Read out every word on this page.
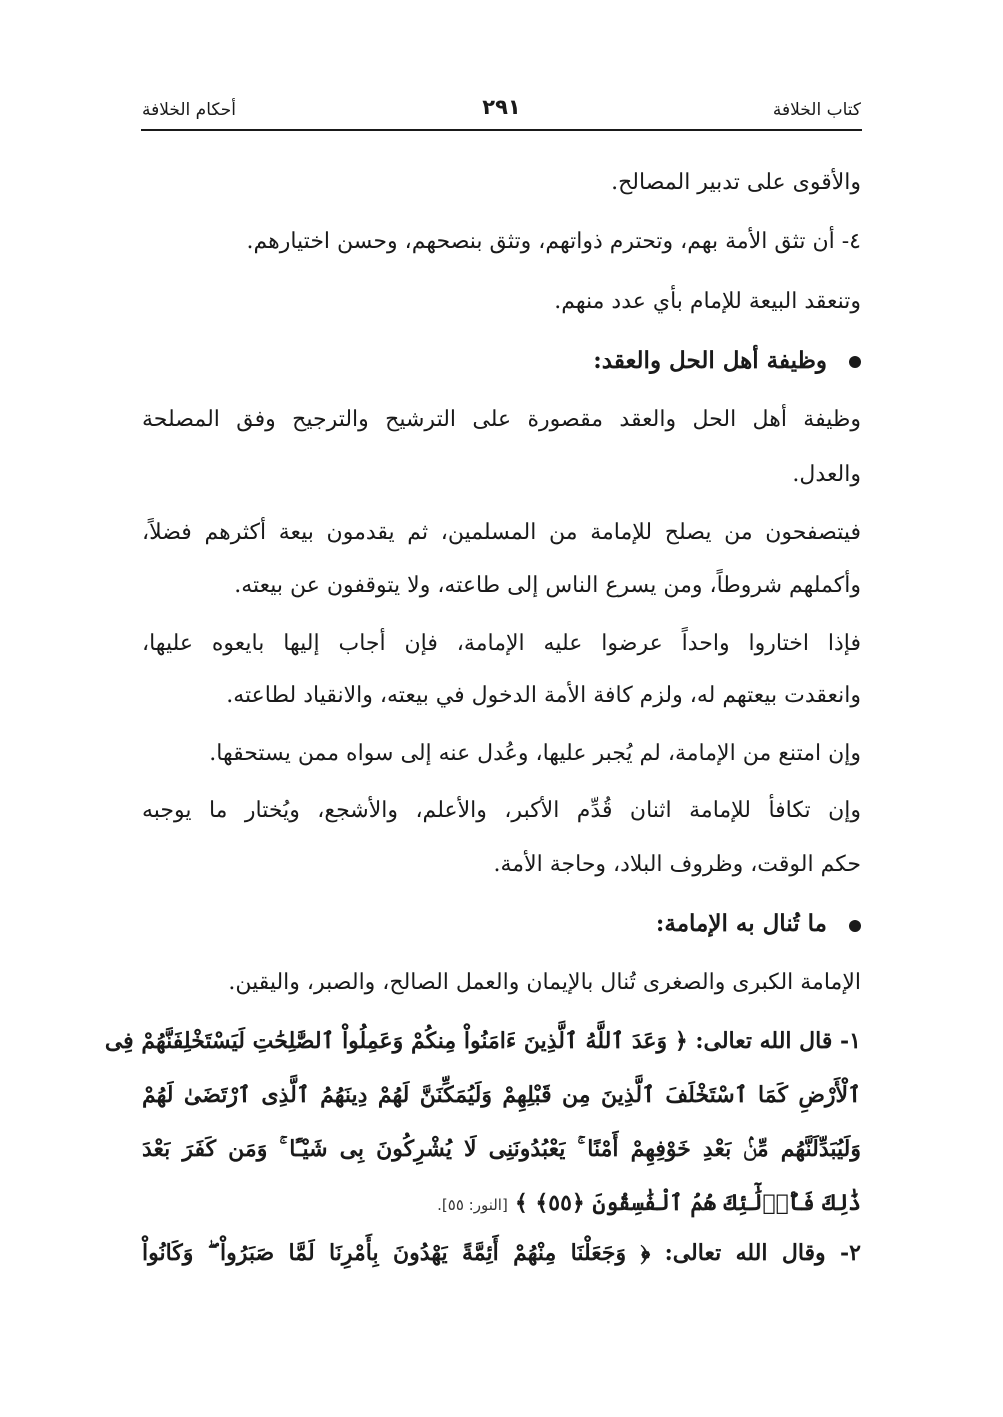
كتاب الخلافة
٢٩١
أحكام الخلافة
والأقوى على تدبير المصالح.
٤- أن تثق الأمة بهم، وتحترم ذواتهم، وتثق بنصحهم، وحسن اختيارهم.
وتنعقد البيعة للإمام بأي عدد منهم.
وظيفة أهل الحل والعقد:
وظيفة أهل الحل والعقد مقصورة على الترشيح والترجيح وفق المصلحة
والعدل.
فيتصفحون من يصلح للإمامة من المسلمين، ثم يقدمون بيعة أكثرهم فضلاً،
وأكملهم شروطاً، ومن يسرع الناس إلى طاعته، ولا يتوقفون عن بيعته.
فإذا اختاروا واحداً عرضوا عليه الإمامة، فإن أجاب إليها بايعوه عليها،
وانعقدت بيعتهم له، ولزم كافة الأمة الدخول في بيعته، والانقياد لطاعته.
وإن امتنع من الإمامة، لم يُجبر عليها، وعُدل عنه إلى سواه ممن يستحقها.
وإن تكافأ للإمامة اثنان قُدِّم الأكبر، والأعلم، والأشجع، ويُختار ما يوجبه
حكم الوقت، وظروف البلاد، وحاجة الأمة.
ما تُنال به الإمامة:
الإمامة الكبرى والصغرى تُنال بالإيمان والعمل الصالح، والصبر، واليقين.
١- قال الله تعالى: ﴿ وَعَدَ ٱللَّهُ ٱلَّذِينَ ءَامَنُواْ مِنكُمْ وَعَمِلُواْ ٱلصَّٰلِحَٰتِ لَيَسْتَخْلِفَنَّهُمْ فِى
ٱلْأَرْضِ كَمَا ٱسْتَخْلَفَ ٱلَّذِينَ مِن قَبْلِهِمْ وَلَيُمَكِّنَنَّ لَهُمْ دِينَهُمُ ٱلَّذِى ٱرْتَضَىٰ لَهُمْ
وَلَيُبَدِّلَنَّهُم مِّنۢ بَعْدِ خَوْفِهِمْ أَمْنًا ۚ يَعْبُدُونَنِى لَا يُشْرِكُونَ بِى شَيْـًٔا ۚ وَمَن كَفَرَ بَعْدَ
ذَٰلِكَ فَأُو۟لَٰٓئِكَ هُمُ ٱلْفَٰسِقُونَ ﴿٥٥﴾ ﴾ [النور: ٥٥].
٢- وقال الله تعالى: ﴿ وَجَعَلْنَا مِنْهُمْ أَئِمَّةً يَهْدُونَ بِأَمْرِنَا لَمَّا صَبَرُواْ ۖ وَكَانُواْ
